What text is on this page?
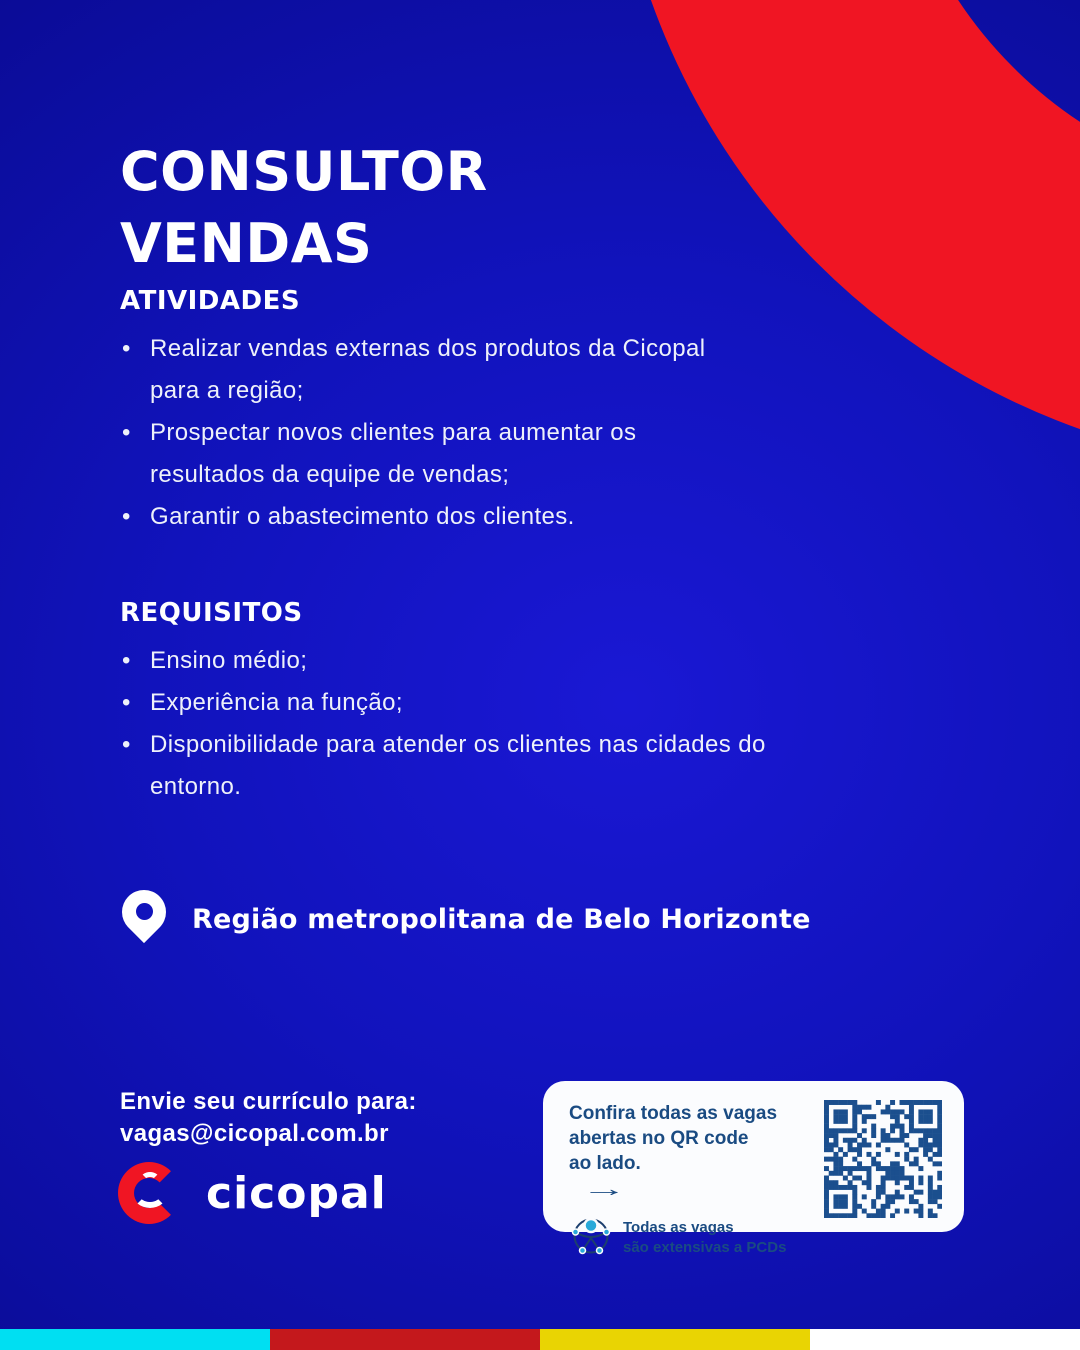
CONSULTOR
VENDAS
ATIVIDADES
• Realizar vendas externas dos produtos da Cicopal
para a região;
• Prospectar novos clientes para aumentar os
resultados da equipe de vendas;
• Garantir o abastecimento dos clientes.
REQUISITOS
• Ensino médio;
• Experiência na função;
• Disponibilidade para atender os clientes nas cidades do
entorno.
Região metropolitana de Belo Horizonte
Envie seu currículo para:
vagas@cicopal.com.br
cicopal
Confira todas as vagas
abertas no QR code
ao lado.
→
Todas as vagas
são extensivas a PCDs
